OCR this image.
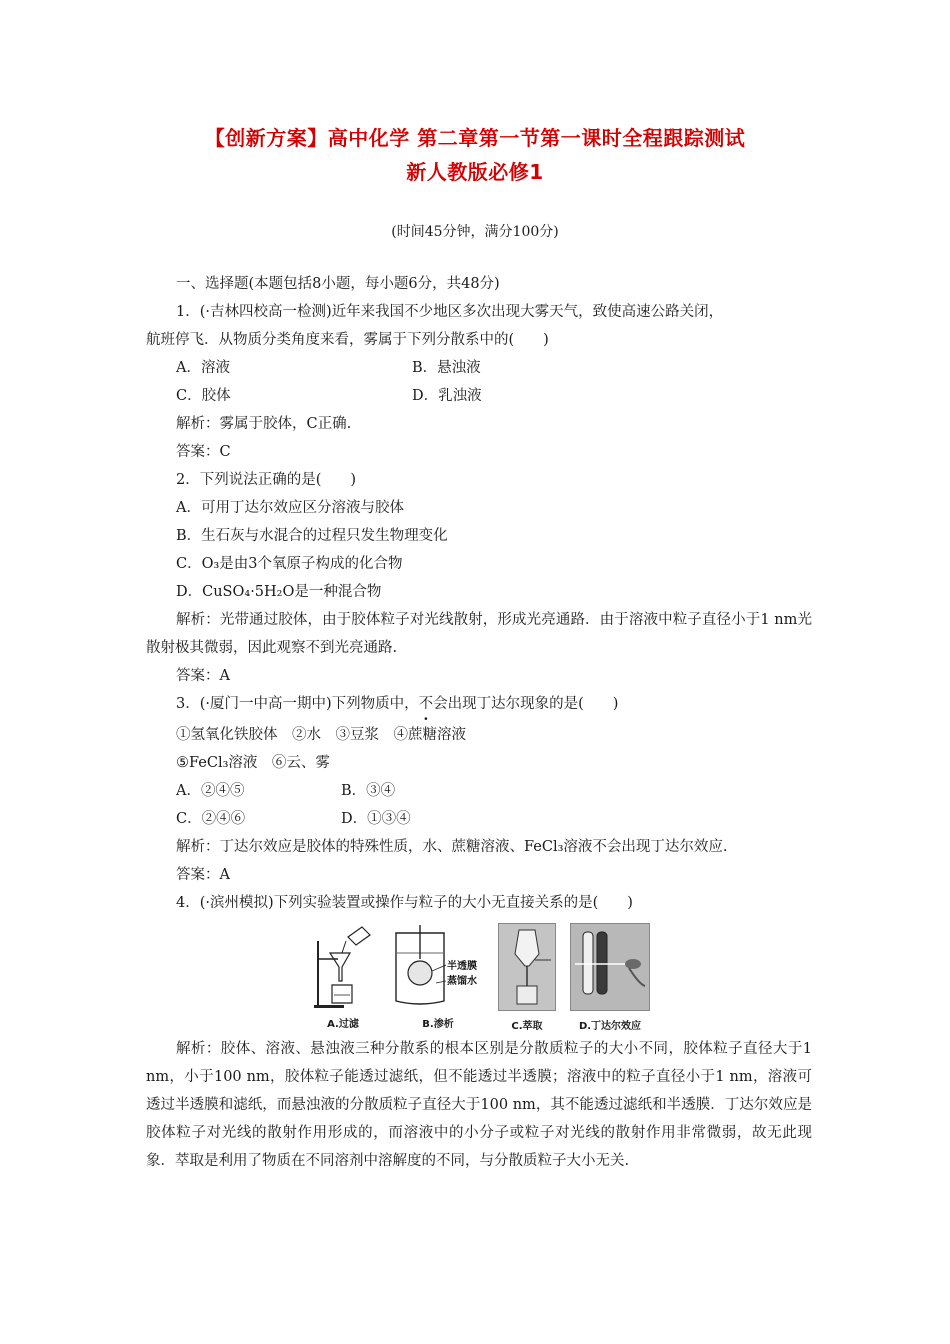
【创新方案】高中化学 第二章第一节第一课时全程跟踪测试
新人教版必修1
(时间45分钟，满分100分)

一、选择题(本题包括8小题，每小题6分，共48分)

1．(·吉林四校高一检测)近年来我国不少地区多次出现大雾天气，致使高速公路关闭，

航班停飞．从物质分类角度来看，雾属于下列分散系中的(　　)

A．溶液	B．悬浊液
C．胶体	D．乳浊液

解析：雾属于胶体，C正确.

答案：C

2．下列说法正确的是(　　)

A．可用丁达尔效应区分溶液与胶体

B．生石灰与水混合的过程只发生物理变化

C．O₃是由3个氧原子构成的化合物

D．CuSO₄·5H₂O是一种混合物

解析：光带通过胶体，由于胶体粒子对光线散射，形成光亮通路．由于溶液中粒子直径小于1 nm光散射极其微弱，因此观察不到光亮通路.

答案：A

3．(·厦门一中高一期中)下列物质中，不会出现丁达尔现象的是(　　)

①氢氧化铁胶体　②水　③豆浆　④蔗糖溶液

⑤FeCl₃溶液　⑥云、雾

A．②④⑤	B．③④
C．②④⑥	D．①③④

解析：丁达尔效应是胶体的特殊性质，水、蔗糖溶液、FeCl₃溶液不会出现丁达尔效应.

答案：A

4．(·滨州模拟)下列实验装置或操作与粒子的大小无直接关系的是(　　)

A.过滤
半透膜
蒸馏水
B.渗析	C.萃取	D.丁达尔效应

解析：胶体、溶液、悬浊液三种分散系的根本区别是分散质粒子的大小不同，胶体粒子直径大于1 nm，小于100 nm，胶体粒子能透过滤纸，但不能透过半透膜；溶液中的粒子直径小于1 nm，溶液可透过半透膜和滤纸，而悬浊液的分散质粒子直径大于100 nm，其不能透过滤纸和半透膜．丁达尔效应是胶体粒子对光线的散射作用形成的，而溶液中的小分子或粒子对光线的散射作用非常微弱，故无此现象．萃取是利用了物质在不同溶剂中溶解度的不同，与分散质粒子大小无关.
